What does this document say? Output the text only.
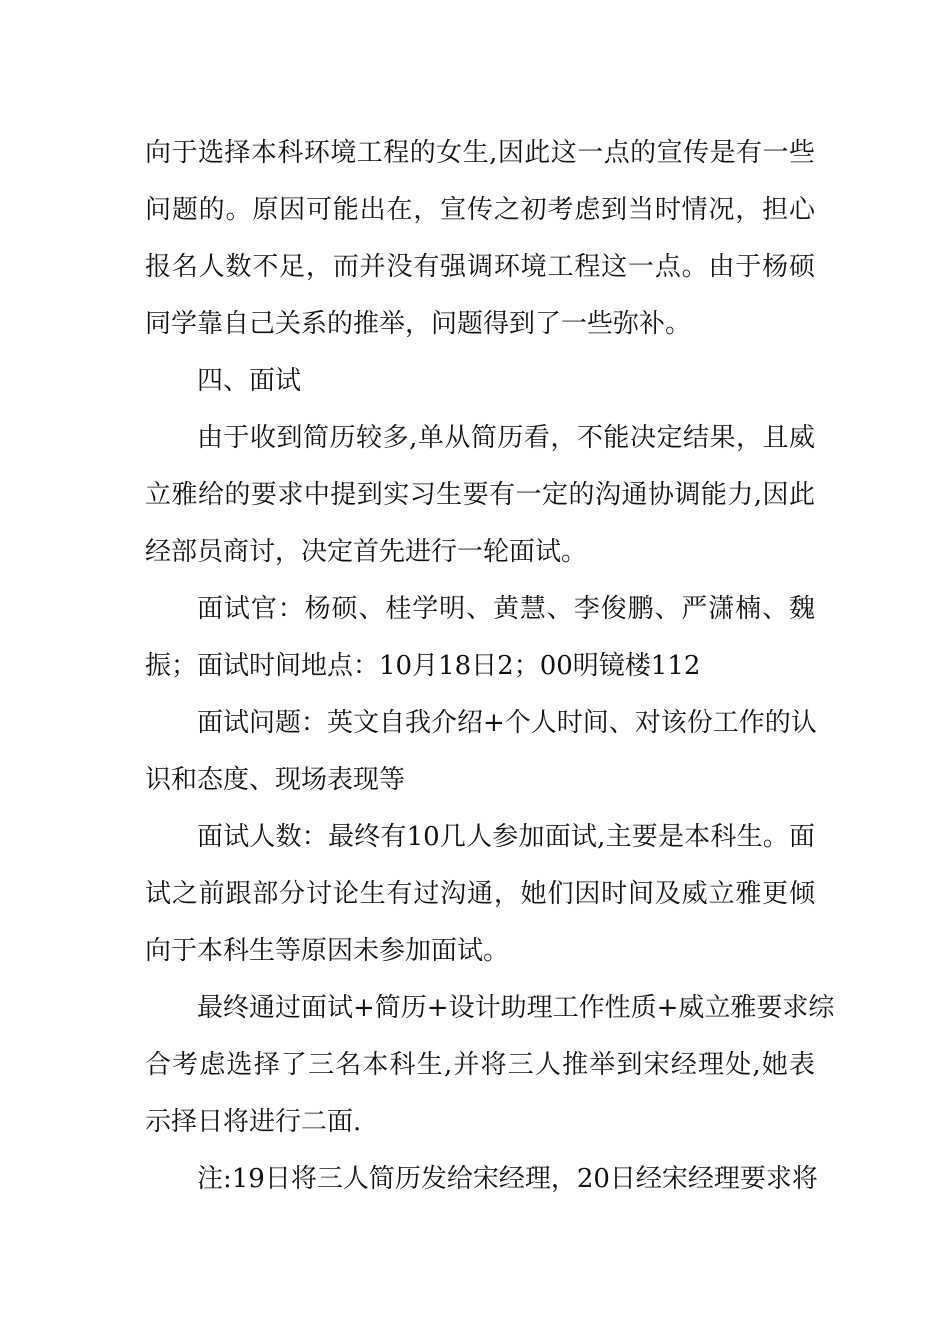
向于选择本科环境工程的女生,因此这一点的宣传是有一些
问题的。原因可能出在，宣传之初考虑到当时情况，担心
报名人数不足，而并没有强调环境工程这一点。由于杨硕
同学靠自己关系的推举，问题得到了一些弥补。
四、面试
由于收到简历较多,单从简历看，不能决定结果，且威
立雅给的要求中提到实习生要有一定的沟通协调能力,因此
经部员商讨，决定首先进行一轮面试。
面试官：杨硕、桂学明、黄慧、李俊鹏、严潇楠、魏
振；面试时间地点：10月18日2；00明镜楼112
面试问题：英文自我介绍+个人时间、对该份工作的认
识和态度、现场表现等
面试人数：最终有10几人参加面试,主要是本科生。面
试之前跟部分讨论生有过沟通，她们因时间及威立雅更倾
向于本科生等原因未参加面试。
最终通过面试+简历+设计助理工作性质+威立雅要求综
合考虑选择了三名本科生,并将三人推举到宋经理处,她表
示择日将进行二面.
注:19日将三人简历发给宋经理，20日经宋经理要求将
